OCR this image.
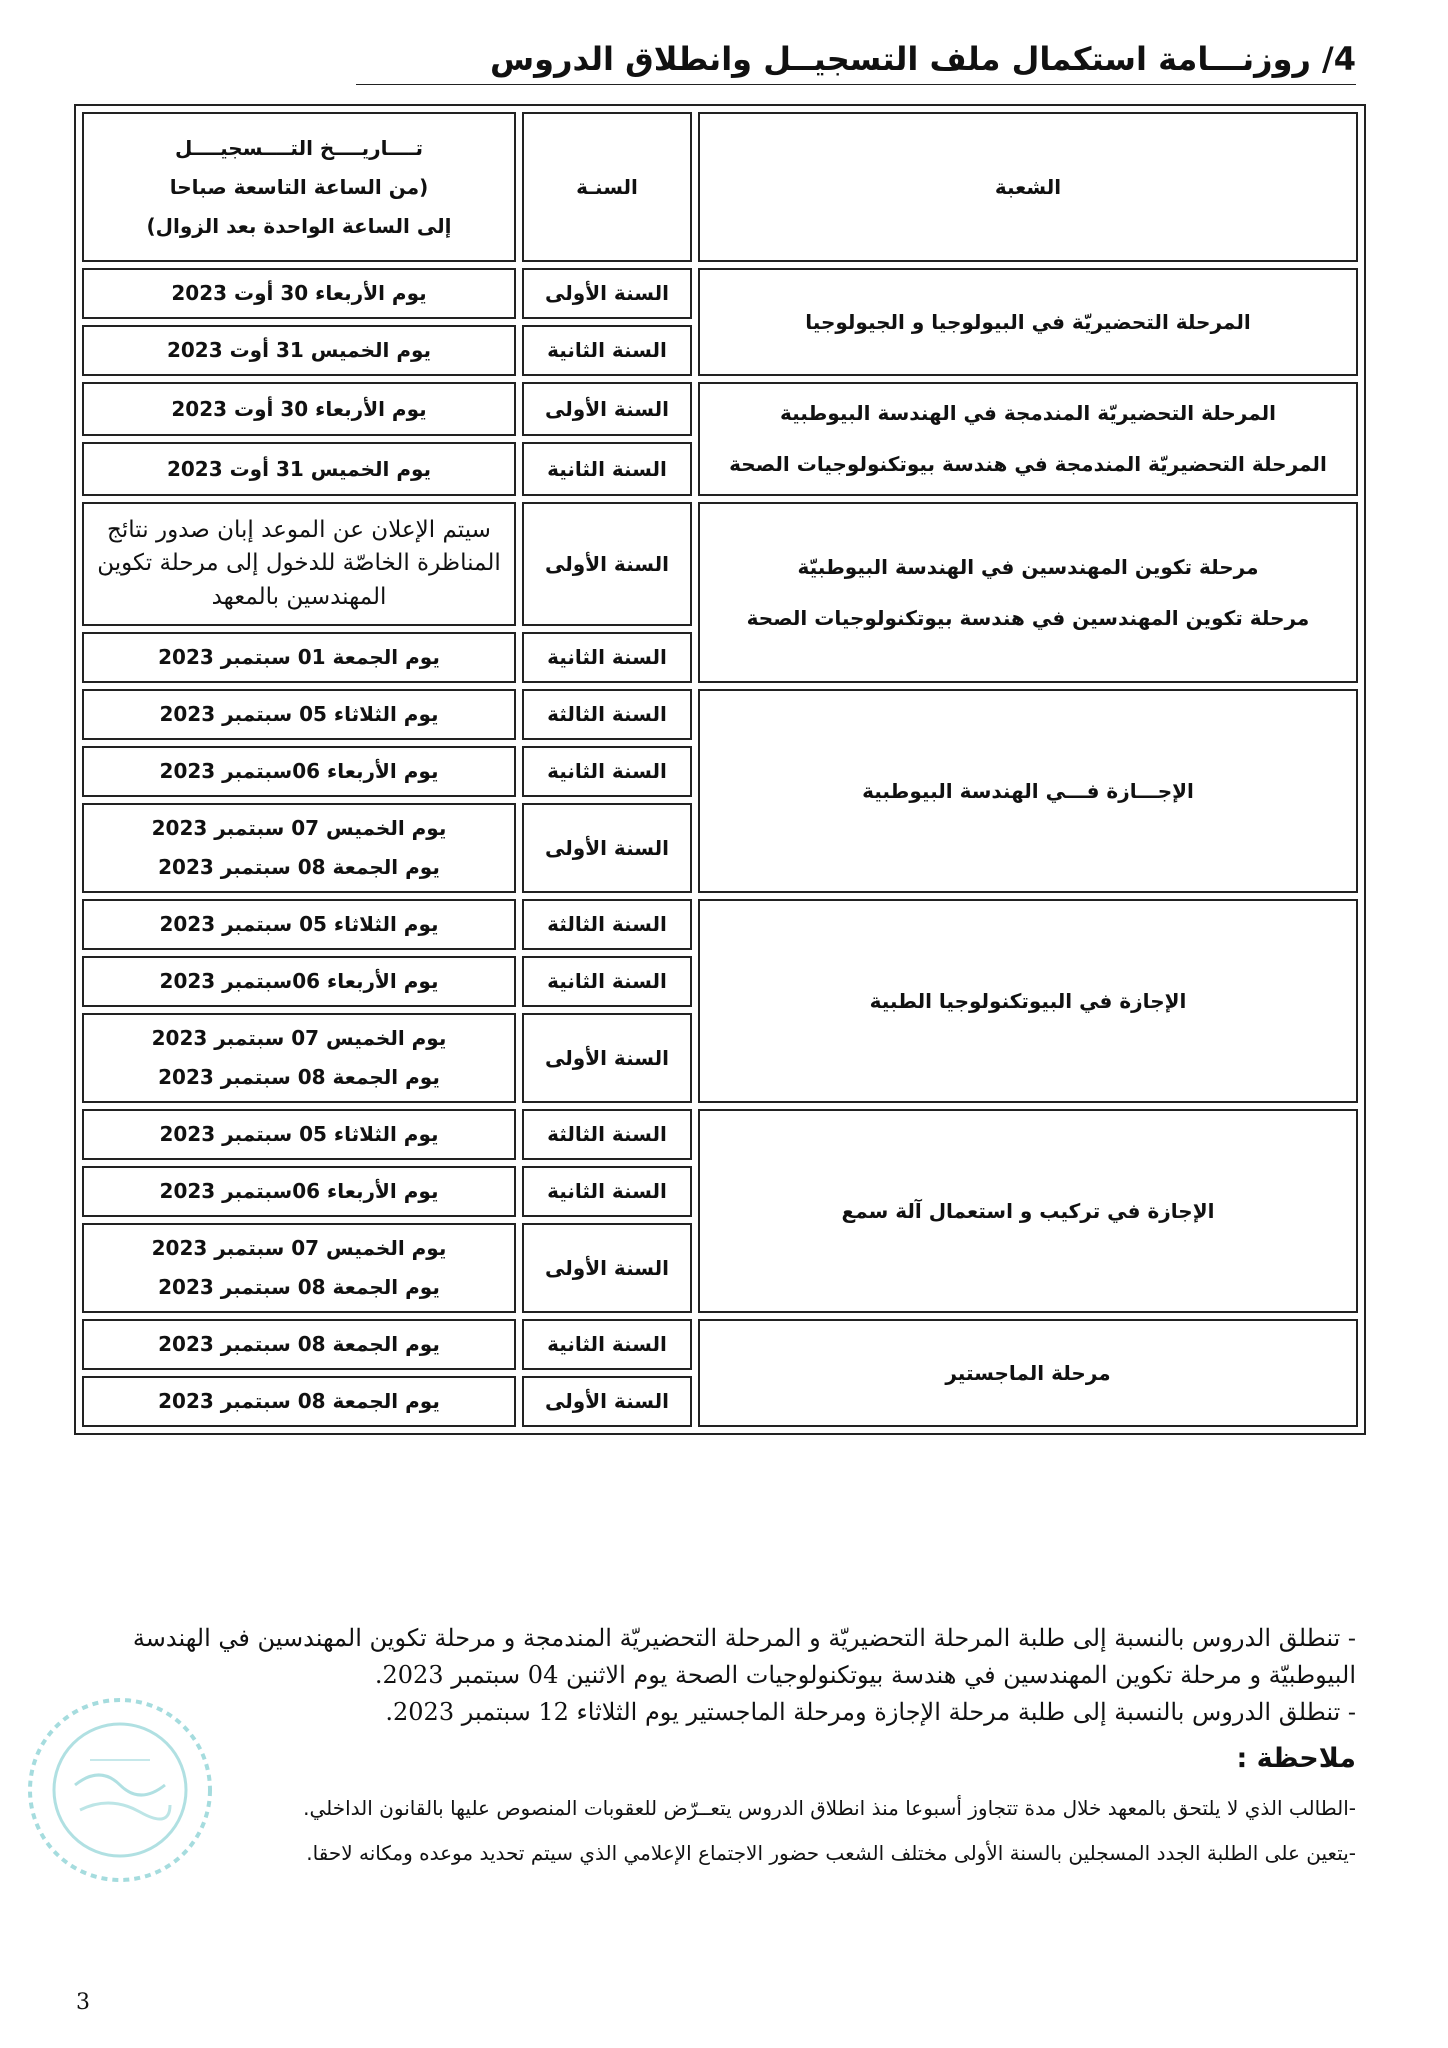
4/ روزنـــامة استكمال ملف التسجيــل وانطلاق الدروس
الشعبة	السنـة	تــــاريــــخ التــــسجيــــل
(من الساعة التاسعة صباحا
إلى الساعة الواحدة بعد الزوال)

المرحلة التحضيريّة في البيولوجيا و الجيولوجيا	السنة الأولى	يوم الأربعاء 30 أوت 2023

	السنة الثانية	يوم الخميس 31 أوت 2023

المرحلة التحضيريّة المندمجة في الهندسة البيوطبية
المرحلة التحضيريّة المندمجة في هندسة بيوتكنولوجيات الصحة	السنة الأولى	يوم الأربعاء 30 أوت 2023

	السنة الثانية	يوم الخميس 31 أوت 2023

مرحلة تكوين المهندسين في الهندسة البيوطبيّة
مرحلة تكوين المهندسين في هندسة بيوتكنولوجيات الصحة	السنة الأولى	سيتم الإعلان عن الموعد إبان صدور نتائج المناظرة الخاصّة للدخول إلى مرحلة تكوين المهندسين بالمعهد

	السنة الثانية	يوم الجمعة 01 سبتمبر 2023

الإجـــازة فـــي الهندسة البيوطبية	السنة الثالثة	يوم الثلاثاء 05 سبتمبر 2023

	السنة الثانية	يوم الأربعاء 06سبتمبر 2023

	السنة الأولى	يوم الخميس 07 سبتمبر 2023
يوم الجمعة 08 سبتمبر 2023

الإجازة في البيوتكنولوجيا الطبية	السنة الثالثة	يوم الثلاثاء 05 سبتمبر 2023

	السنة الثانية	يوم الأربعاء 06سبتمبر 2023

	السنة الأولى	يوم الخميس 07 سبتمبر 2023
يوم الجمعة 08 سبتمبر 2023

الإجازة في تركيب و استعمال آلة سمع	السنة الثالثة	يوم الثلاثاء 05 سبتمبر 2023

	السنة الثانية	يوم الأربعاء 06سبتمبر 2023

	السنة الأولى	يوم الخميس 07 سبتمبر 2023
يوم الجمعة 08 سبتمبر 2023

مرحلة الماجستير	السنة الثانية	يوم الجمعة 08 سبتمبر 2023

	السنة الأولى	يوم الجمعة 08 سبتمبر 2023

- تنطلق الدروس بالنسبة إلى طلبة المرحلة التحضيريّة و المرحلة التحضيريّة المندمجة و مرحلة تكوين المهندسين في الهندسة البيوطبيّة و مرحلة تكوين المهندسين في هندسة بيوتكنولوجيات الصحة يوم الاثنين 04 سبتمبر 2023.

- تنطلق الدروس بالنسبة إلى طلبة مرحلة الإجازة ومرحلة الماجستير يوم الثلاثاء 12 سبتمبر 2023.

ملاحظة :

-الطالب الذي لا يلتحق بالمعهد خلال مدة تتجاوز أسبوعا منذ انطلاق الدروس يتعــرّض للعقوبات المنصوص عليها بالقانون الداخلي.

-يتعين على الطلبة الجدد المسجلين بالسنة الأولى مختلف الشعب حضور الاجتماع الإعلامي الذي سيتم تحديد موعده ومكانه لاحقا.

3
